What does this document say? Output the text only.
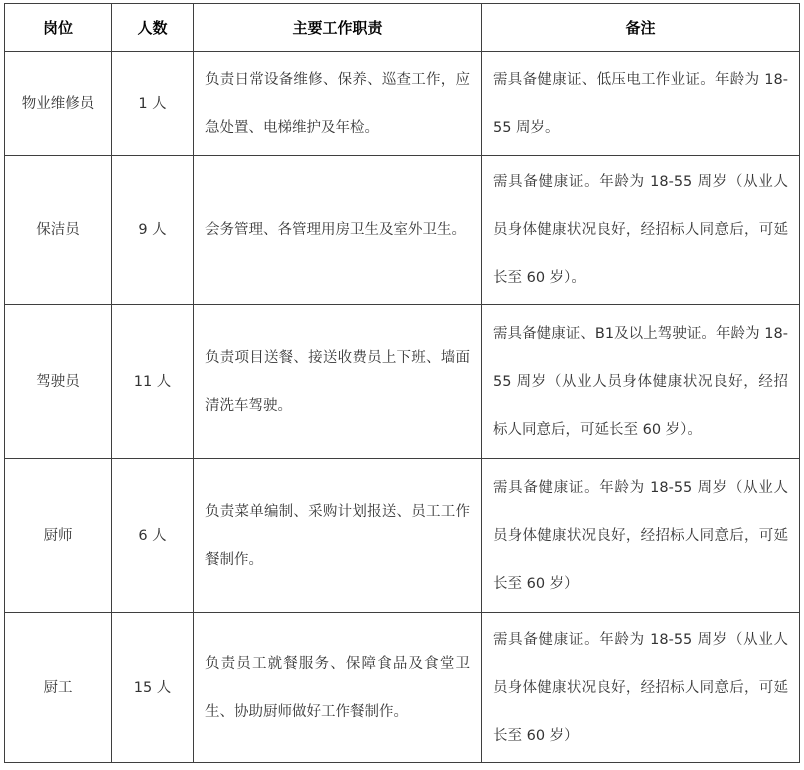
岗位	人数	主要工作职责	备注
物业维修员	1 人	负责日常设备维修、保养、巡查工作，应急处置、电梯维护及年检。	需具备健康证、低压电工作业证。年龄为 18-55 周岁。
保洁员	9 人	会务管理、各管理用房卫生及室外卫生。	需具备健康证。年龄为 18-55 周岁（从业人员身体健康状况良好，经招标人同意后，可延长至 60 岁）。
驾驶员	11 人	负责项目送餐、接送收费员上下班、墙面清洗车驾驶。	需具备健康证、B1及以上驾驶证。年龄为 18-55 周岁（从业人员身体健康状况良好，经招标人同意后，可延长至 60 岁）。
厨师	6 人	负责菜单编制、采购计划报送、员工工作餐制作。	需具备健康证。年龄为 18-55 周岁（从业人员身体健康状况良好，经招标人同意后，可延长至 60 岁）
厨工	15 人	负责员工就餐服务、保障食品及食堂卫生、协助厨师做好工作餐制作。	需具备健康证。年龄为 18-55 周岁（从业人员身体健康状况良好，经招标人同意后，可延长至 60 岁）
